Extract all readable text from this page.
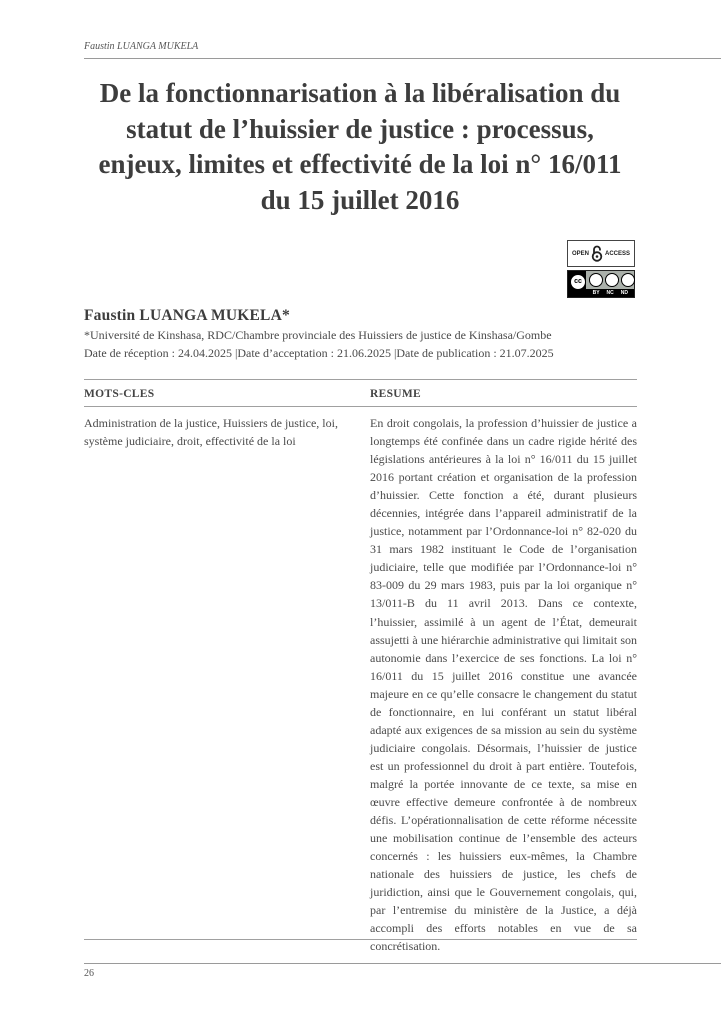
Faustin LUANGA MUKELA
De la fonctionnarisation à la libéralisation du statut de l’huissier de justice : processus, enjeux, limites et effectivité de la loi n° 16/011 du 15 juillet 2016
OPEN	ACCESS
cc
BY NC ND
Faustin LUANGA MUKELA*
*Université de Kinshasa, RDC/Chambre provinciale des Huissiers de justice de Kinshasa/Gombe
Date de réception : 24.04.2025 |Date d’acceptation : 21.06.2025 |Date de publication : 21.07.2025
MOTS-CLES	RESUME

Administration de la justice, Huissiers de justice, loi, système judiciaire, droit, effectivité de la loi

En droit congolais, la profession d’huissier de justice a longtemps été confinée dans un cadre rigide hérité des législations antérieures à la loi n° 16/011 du 15 juillet 2016 portant création et organisation de la profession d’huissier. Cette fonction a été, durant plusieurs décennies, intégrée dans l’appareil administratif de la justice, notamment par l’Ordonnance-loi n° 82-020 du 31 mars 1982 instituant le Code de l’organisation judiciaire, telle que modifiée par l’Ordonnance-loi n° 83-009 du 29 mars 1983, puis par la loi organique n° 13/011-B du 11 avril 2013. Dans ce contexte, l’huissier, assimilé à un agent de l’État, demeurait assujetti à une hiérarchie administrative qui limitait son autonomie dans l’exercice de ses fonctions. La loi n° 16/011 du 15 juillet 2016 constitue une avancée majeure en ce qu’elle consacre le changement du statut de fonctionnaire, en lui conférant un statut libéral adapté aux exigences de sa mission au sein du système judiciaire congolais. Désormais, l’huissier de justice est un professionnel du droit à part entière. Toutefois, malgré la portée innovante de ce texte, sa mise en œuvre effective demeure confrontée à de nombreux défis. L’opérationnalisation de cette réforme nécessite une mobilisation continue de l’ensemble des acteurs concernés : les huissiers eux-mêmes, la Chambre nationale des huissiers de justice, les chefs de juridiction, ainsi que le Gouvernement congolais, qui, par l’entremise du ministère de la Justice, a déjà accompli des efforts notables en vue de sa concrétisation.

26
